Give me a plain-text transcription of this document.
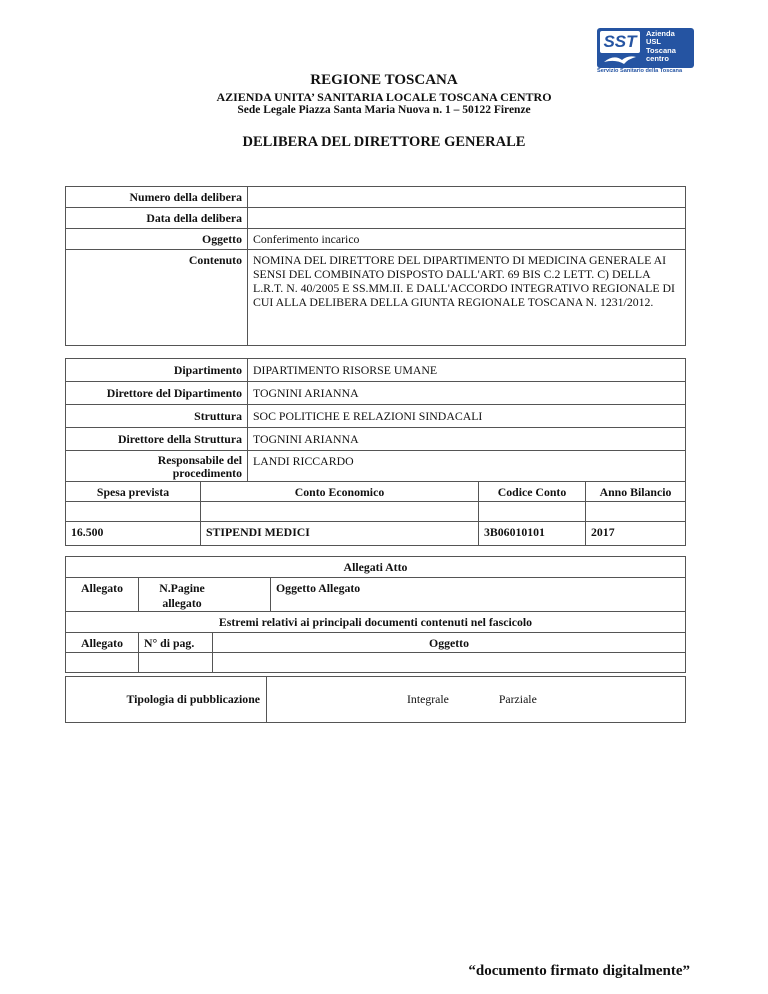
SST	Azienda
USL
Toscana
centro
Servizio Sanitario della Toscana
REGIONE TOSCANA
AZIENDA UNITA’ SANITARIA LOCALE TOSCANA CENTRO
Sede Legale Piazza Santa Maria Nuova n. 1 – 50122 Firenze
DELIBERA DEL DIRETTORE GENERALE
Numero della delibera	
Data della delibera	
Oggetto	Conferimento incarico
Contenuto	NOMINA DEL DIRETTORE DEL DIPARTIMENTO DI MEDICINA GENERALE AI SENSI DEL COMBINATO DISPOSTO DALL'ART. 69 BIS C.2 LETT. C) DELLA L.R.T. N. 40/2005 E SS.MM.II. E DALL'ACCORDO INTEGRATIVO REGIONALE DI CUI ALLA DELIBERA DELLA GIUNTA REGIONALE TOSCANA N. 1231/2012.
Dipartimento	DIPARTIMENTO RISORSE UMANE
Direttore del Dipartimento	TOGNINI ARIANNA
Struttura	SOC POLITICHE E RELAZIONI SINDACALI
Direttore della Struttura	TOGNINI ARIANNA
Responsabile del procedimento	LANDI RICCARDO
Spesa prevista	Conto Economico	Codice Conto	Anno Bilancio

16.500	STIPENDI MEDICI	3B06010101	2017
Allegati Atto			
Allegato	N.Pagine allegato		Oggetto Allegato
Estremi relativi ai principali documenti contenuti nel fascicolo			
Allegato	N° di pag.	Oggetto	

Tipologia di pubblicazione	Integrale	Parziale
“documento firmato digitalmente”
